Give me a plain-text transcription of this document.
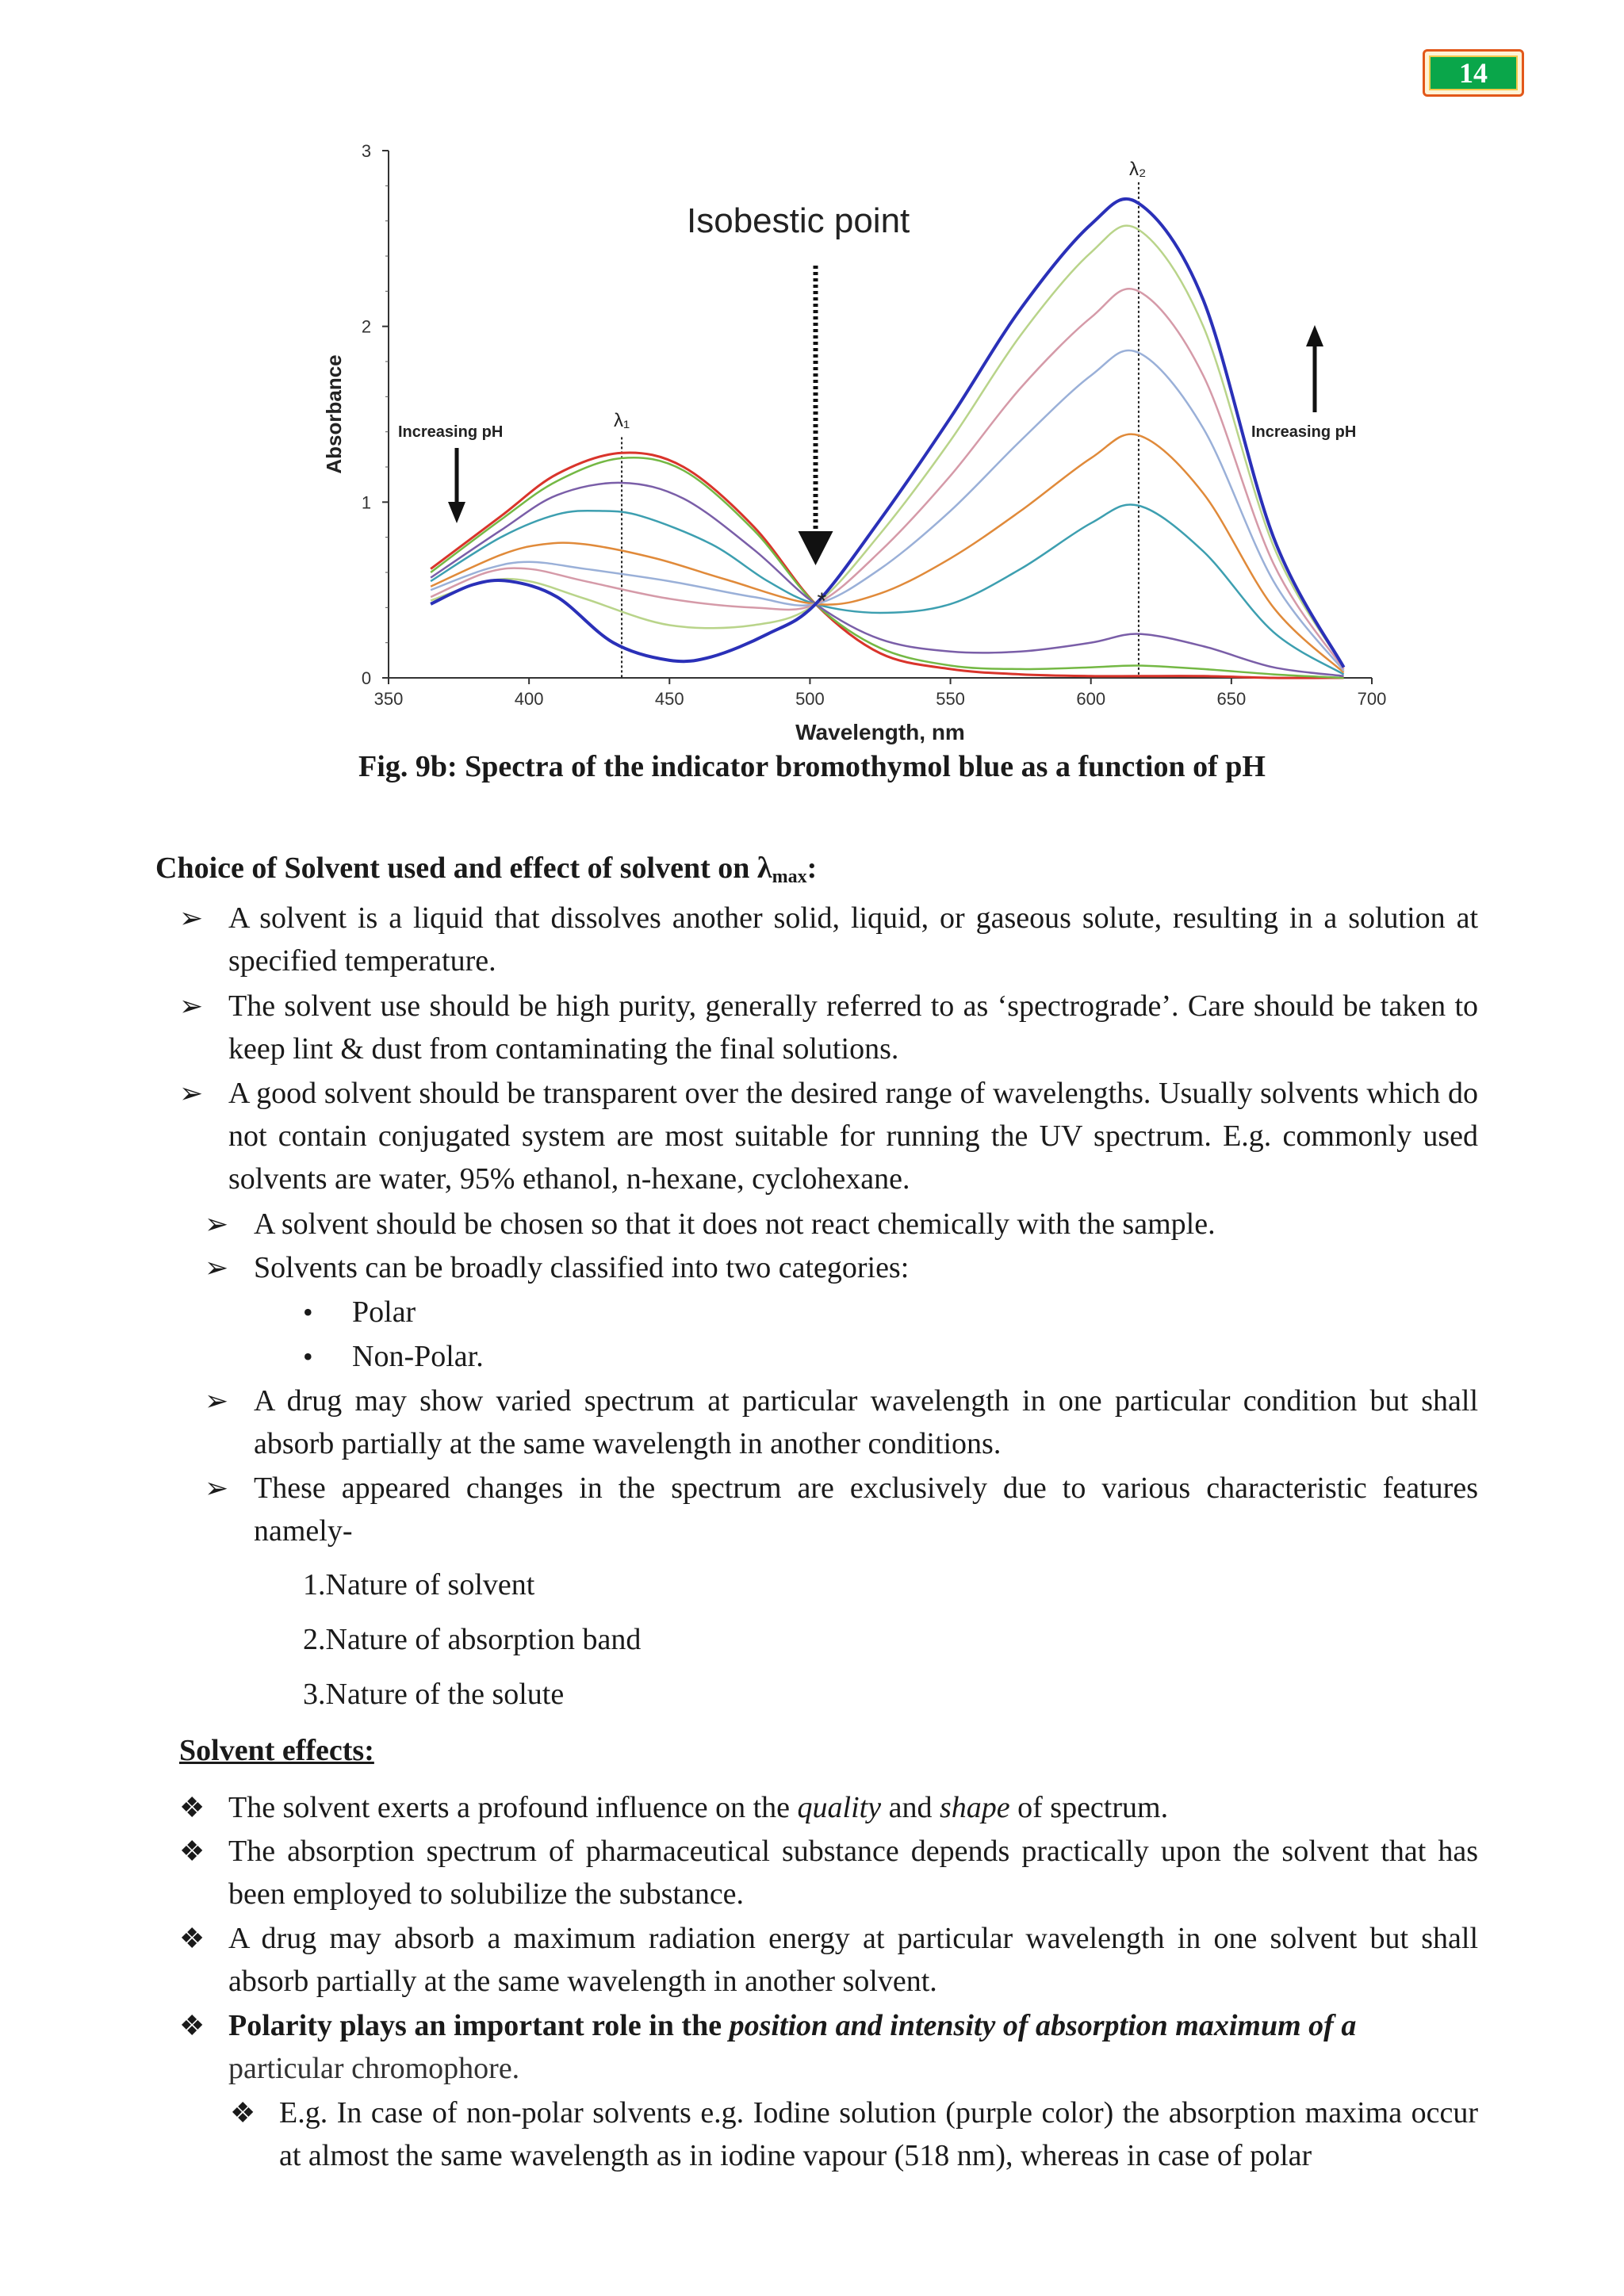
14
350	400	450	500	550	600	650	700
0
1
2
3
Wavelength, nm
Absorbance
Isobestic point
Increasing pH	Increasing pH
λ₁
λ₂
*
Fig. 9b: Spectra of the indicator bromothymol blue as a function of pH
Choice of Solvent used and effect of solvent on $\lambda_{max}$:
➢ A solvent is a liquid that dissolves another solid, liquid, or gaseous solute, resulting in a solution at specified temperature.
➢ The solvent use should be high purity, generally referred to as ‘spectrograde’. Care should be taken to keep lint & dust from contaminating the final solutions.
➢ A good solvent should be transparent over the desired range of wavelengths. Usually solvents which do not contain conjugated system are most suitable for running the UV spectrum. E.g. commonly used solvents are water, 95% ethanol, n-hexane, cyclohexane.
➢ A solvent should be chosen so that it does not react chemically with the sample.
➢ Solvents can be broadly classified into two categories:
• Polar
• Non-Polar.
➢ A drug may show varied spectrum at particular wavelength in one particular condition but shall absorb partially at the same wavelength in another conditions.
➢ These appeared changes in the spectrum are exclusively due to various characteristic features namely-
1.Nature of solvent
2.Nature of absorption band
3.Nature of the solute
Solvent effects:
❖ The solvent exerts a profound influence on the quality and shape of spectrum.
❖ The absorption spectrum of pharmaceutical substance depends practically upon the solvent that has been employed to solubilize the substance.
❖ A drug may absorb a maximum radiation energy at particular wavelength in one solvent but shall absorb partially at the same wavelength in another solvent.
❖ Polarity plays an important role in the position and intensity of absorption maximum of a
particular chromophore.
❖ E.g. In case of non-polar solvents e.g. Iodine solution (purple color) the absorption maxima occur at almost the same wavelength as in iodine vapour (518 nm), whereas in case of polar
